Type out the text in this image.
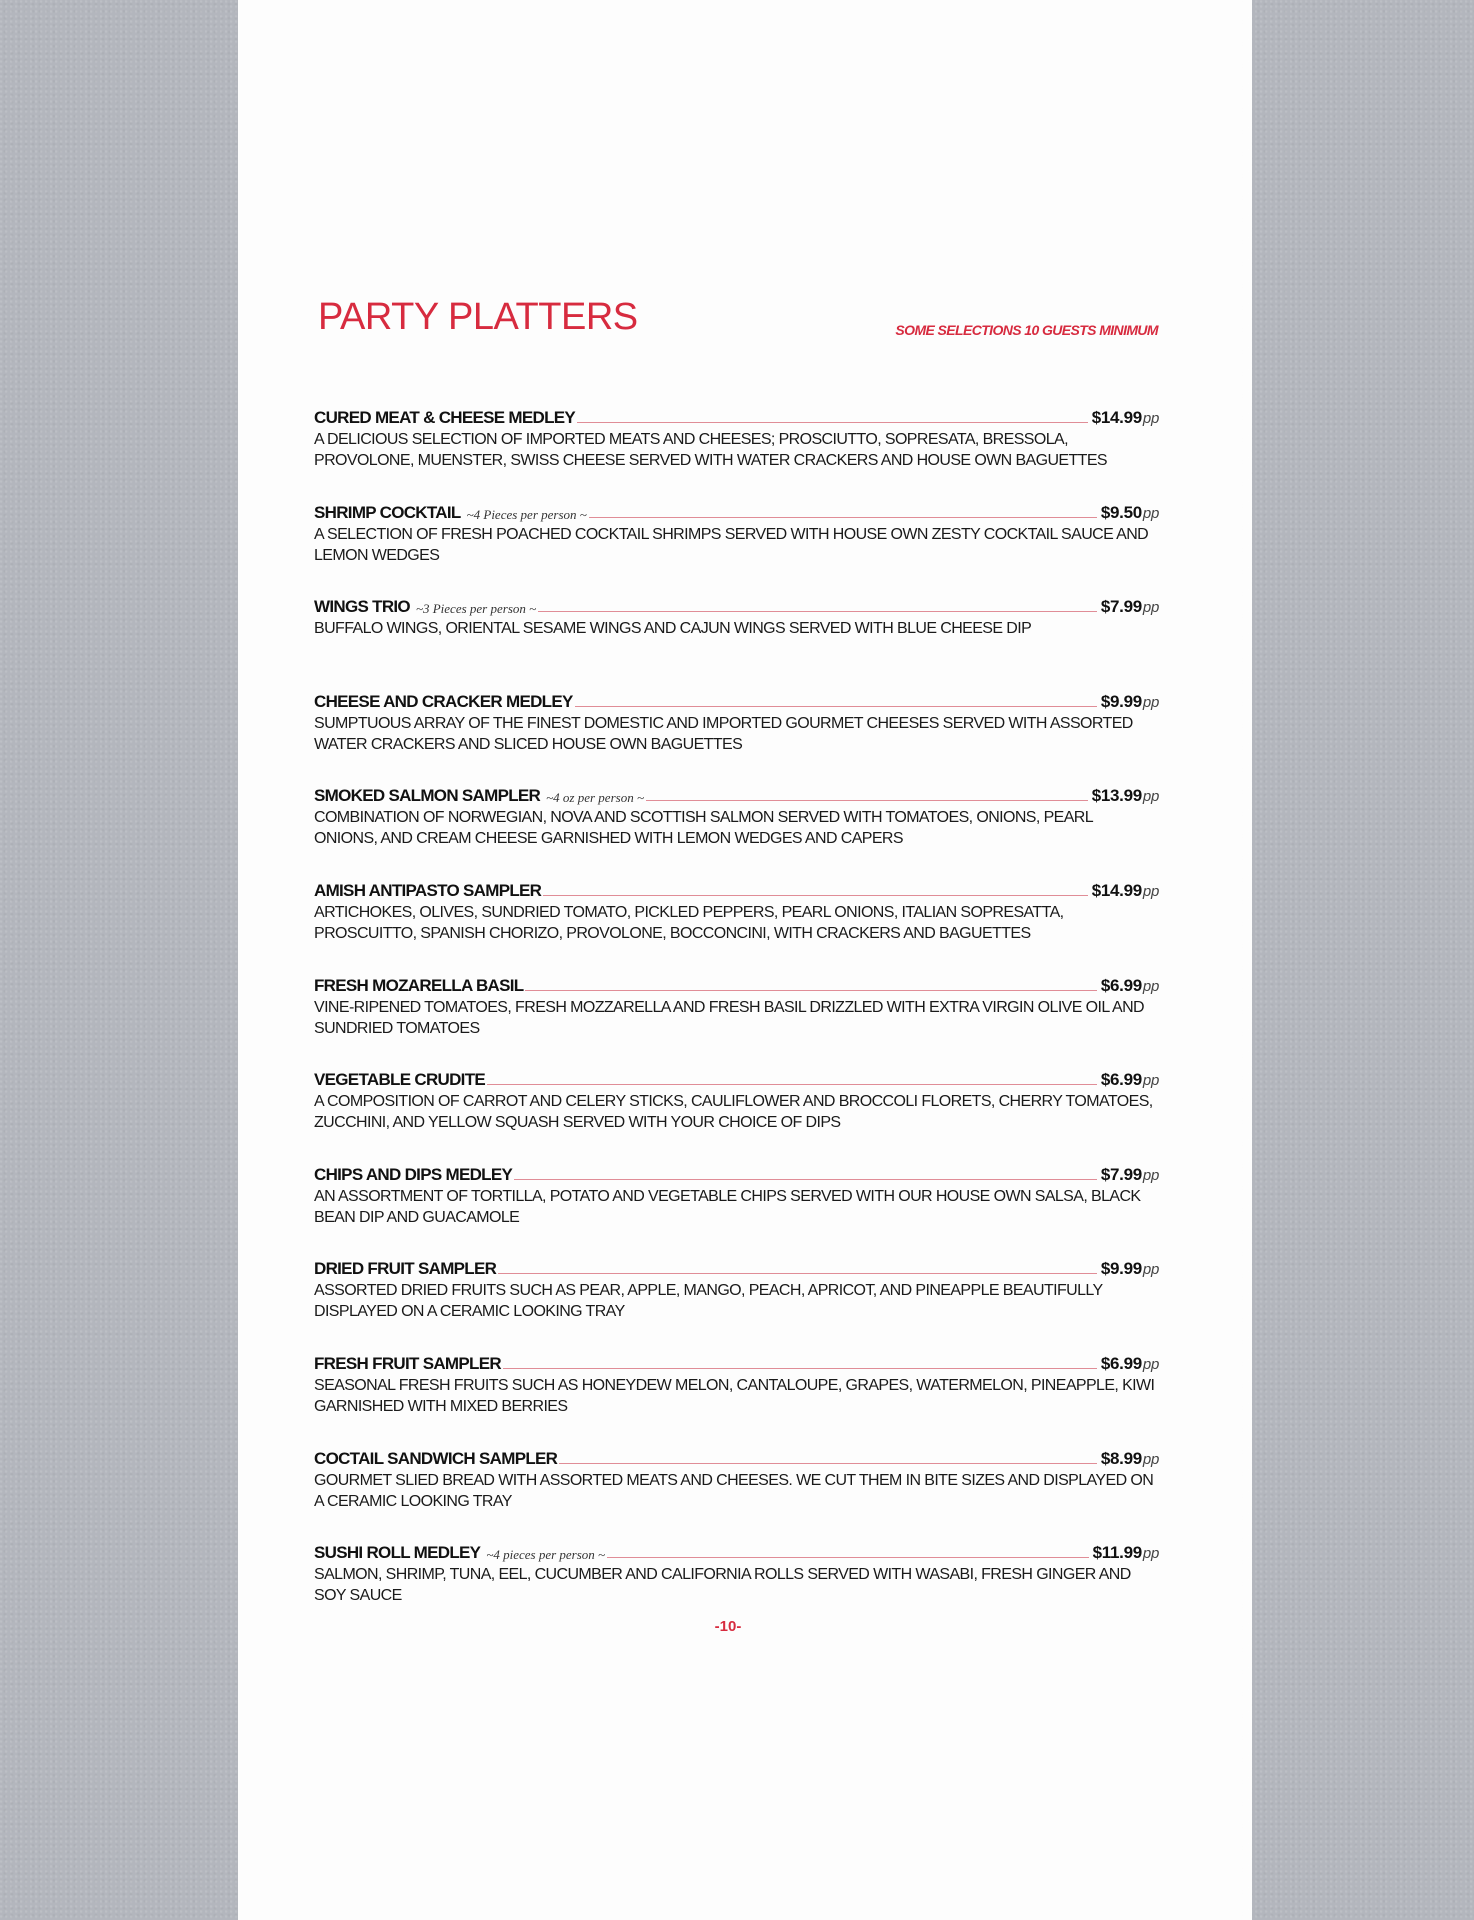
PARTY PLATTERS	SOME SELECTIONS 10 GUESTS MINIMUM
CURED MEAT & CHEESE MEDLEY	$14.99pp
A DELICIOUS SELECTION OF IMPORTED MEATS AND CHEESES; PROSCIUTTO, SOPRESATA, BRESSOLA, PROVOLONE, MUENSTER, SWISS CHEESE SERVED WITH WATER CRACKERS AND HOUSE OWN BAGUETTES
SHRIMP COCKTAIL ~4 Pieces per person ~	$9.50pp
A SELECTION OF FRESH POACHED COCKTAIL SHRIMPS SERVED WITH HOUSE OWN ZESTY COCKTAIL SAUCE AND LEMON WEDGES
WINGS TRIO ~3 Pieces per person ~	$7.99pp
BUFFALO WINGS, ORIENTAL SESAME WINGS AND CAJUN WINGS SERVED WITH BLUE CHEESE DIP
CHEESE AND CRACKER MEDLEY	$9.99pp
SUMPTUOUS ARRAY OF THE FINEST DOMESTIC AND IMPORTED GOURMET CHEESES SERVED WITH ASSORTED WATER CRACKERS AND SLICED HOUSE OWN BAGUETTES
SMOKED SALMON SAMPLER ~4 oz per person ~	$13.99pp
COMBINATION OF NORWEGIAN, NOVA AND SCOTTISH SALMON SERVED WITH TOMATOES, ONIONS, PEARL ONIONS, AND CREAM CHEESE GARNISHED WITH LEMON WEDGES AND CAPERS
AMISH ANTIPASTO SAMPLER	$14.99pp
ARTICHOKES, OLIVES, SUNDRIED TOMATO, PICKLED PEPPERS, PEARL ONIONS, ITALIAN SOPRESATTA, PROSCUITTO, SPANISH CHORIZO, PROVOLONE, BOCCONCINI, WITH CRACKERS AND BAGUETTES
FRESH MOZARELLA BASIL	$6.99pp
VINE-RIPENED TOMATOES, FRESH MOZZARELLA AND FRESH BASIL DRIZZLED WITH EXTRA VIRGIN OLIVE OIL AND SUNDRIED TOMATOES
VEGETABLE CRUDITE	$6.99pp
A COMPOSITION OF CARROT AND CELERY STICKS, CAULIFLOWER AND BROCCOLI FLORETS, CHERRY TOMATOES, ZUCCHINI, AND YELLOW SQUASH SERVED WITH YOUR CHOICE OF DIPS
CHIPS AND DIPS MEDLEY	$7.99pp
AN ASSORTMENT OF TORTILLA, POTATO AND VEGETABLE CHIPS SERVED WITH OUR HOUSE OWN SALSA, BLACK BEAN DIP AND GUACAMOLE
DRIED FRUIT SAMPLER	$9.99pp
ASSORTED DRIED FRUITS SUCH AS PEAR, APPLE, MANGO, PEACH, APRICOT, AND PINEAPPLE BEAUTIFULLY DISPLAYED ON A CERAMIC LOOKING TRAY
FRESH FRUIT SAMPLER	$6.99pp
SEASONAL FRESH FRUITS SUCH AS HONEYDEW MELON, CANTALOUPE, GRAPES, WATERMELON, PINEAPPLE, KIWI GARNISHED WITH MIXED BERRIES
COCTAIL SANDWICH SAMPLER	$8.99pp
GOURMET SLIED BREAD WITH ASSORTED MEATS AND CHEESES. WE CUT THEM IN BITE SIZES AND DISPLAYED ON A CERAMIC LOOKING TRAY
SUSHI ROLL MEDLEY ~4 pieces per person ~	$11.99pp
SALMON, SHRIMP, TUNA, EEL, CUCUMBER AND CALIFORNIA ROLLS SERVED WITH WASABI, FRESH GINGER AND SOY SAUCE
-10-
